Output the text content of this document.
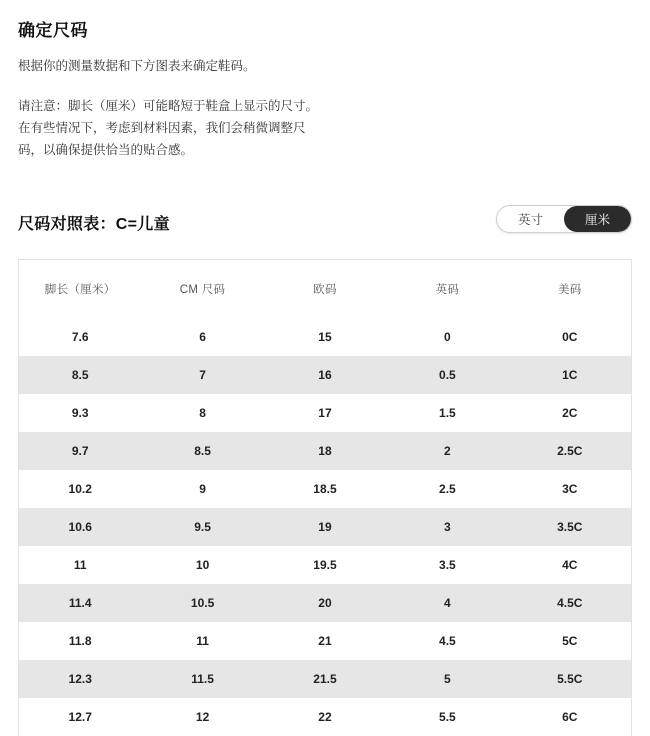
确定尺码
根据你的测量数据和下方图表来确定鞋码。
请注意：脚长（厘米）可能略短于鞋盒上显示的尺寸。在有些情况下，考虑到材料因素，我们会稍微调整尺码，以确保提供恰当的贴合感。
尺码对照表：C=儿童	英寸	厘米
脚长（厘米）	CM 尺码	欧码	英码	美码
7.6	6	15	0	0C
8.5	7	16	0.5	1C
9.3	8	17	1.5	2C
9.7	8.5	18	2	2.5C
10.2	9	18.5	2.5	3C
10.6	9.5	19	3	3.5C
11	10	19.5	3.5	4C
11.4	10.5	20	4	4.5C
11.8	11	21	4.5	5C
12.3	11.5	21.5	5	5.5C
12.7	12	22	5.5	6C
